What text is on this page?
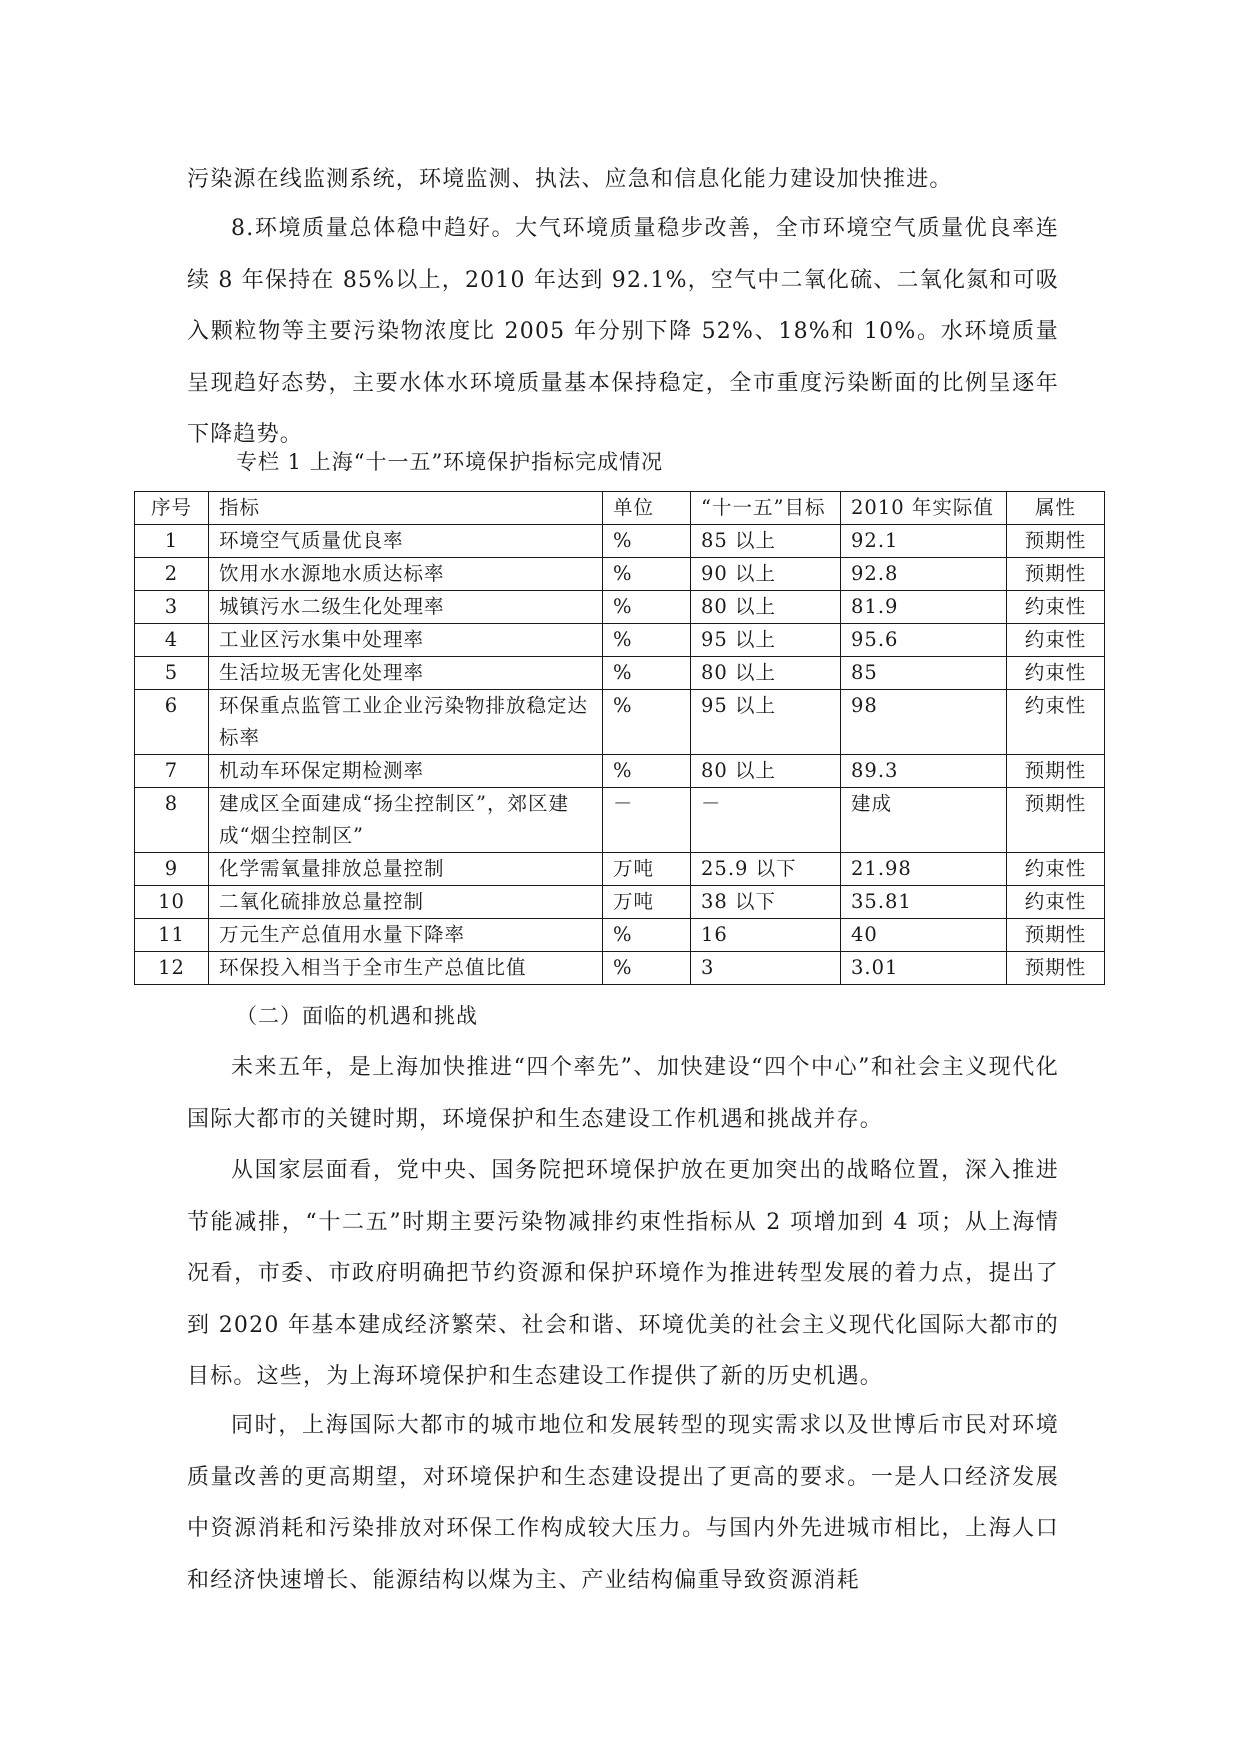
污染源在线监测系统，环境监测、执法、应急和信息化能力建设加快推进。
8.环境质量总体稳中趋好。大气环境质量稳步改善，全市环境空气质量优良率连续 8 年保持在 85%以上，2010 年达到 92.1%，空气中二氧化硫、二氧化氮和可吸入颗粒物等主要污染物浓度比 2005 年分别下降 52%、18%和 10%。水环境质量呈现趋好态势，主要水体水环境质量基本保持稳定，全市重度污染断面的比例呈逐年下降趋势。
专栏 1 上海“十一五”环境保护指标完成情况
序号	指标	单位	“十一五”目标	2010 年实际值	属性
1	环境空气质量优良率	%	85 以上	92.1	预期性
2	饮用水水源地水质达标率	%	90 以上	92.8	预期性
3	城镇污水二级生化处理率	%	80 以上	81.9	约束性
4	工业区污水集中处理率	%	95 以上	95.6	约束性
5	生活垃圾无害化处理率	%	80 以上	85	约束性
6	环保重点监管工业企业污染物排放稳定达标率	%	95 以上	98	约束性
7	机动车环保定期检测率	%	80 以上	89.3	预期性
8	建成区全面建成“扬尘控制区”，郊区建成“烟尘控制区”	－	－	建成	预期性
9	化学需氧量排放总量控制	万吨	25.9 以下	21.98	约束性
10	二氧化硫排放总量控制	万吨	38 以下	35.81	约束性
11	万元生产总值用水量下降率	%	16	40	预期性
12	环保投入相当于全市生产总值比值	%	3	3.01	预期性
（二）面临的机遇和挑战
未来五年，是上海加快推进“四个率先”、加快建设“四个中心”和社会主义现代化国际大都市的关键时期，环境保护和生态建设工作机遇和挑战并存。
从国家层面看，党中央、国务院把环境保护放在更加突出的战略位置，深入推进节能减排，“十二五”时期主要污染物减排约束性指标从 2 项增加到 4 项；从上海情况看，市委、市政府明确把节约资源和保护环境作为推进转型发展的着力点，提出了到 2020 年基本建成经济繁荣、社会和谐、环境优美的社会主义现代化国际大都市的目标。这些，为上海环境保护和生态建设工作提供了新的历史机遇。
同时，上海国际大都市的城市地位和发展转型的现实需求以及世博后市民对环境质量改善的更高期望，对环境保护和生态建设提出了更高的要求。一是人口经济发展中资源消耗和污染排放对环保工作构成较大压力。与国内外先进城市相比，上海人口和经济快速增长、能源结构以煤为主、产业结构偏重导致资源消耗
